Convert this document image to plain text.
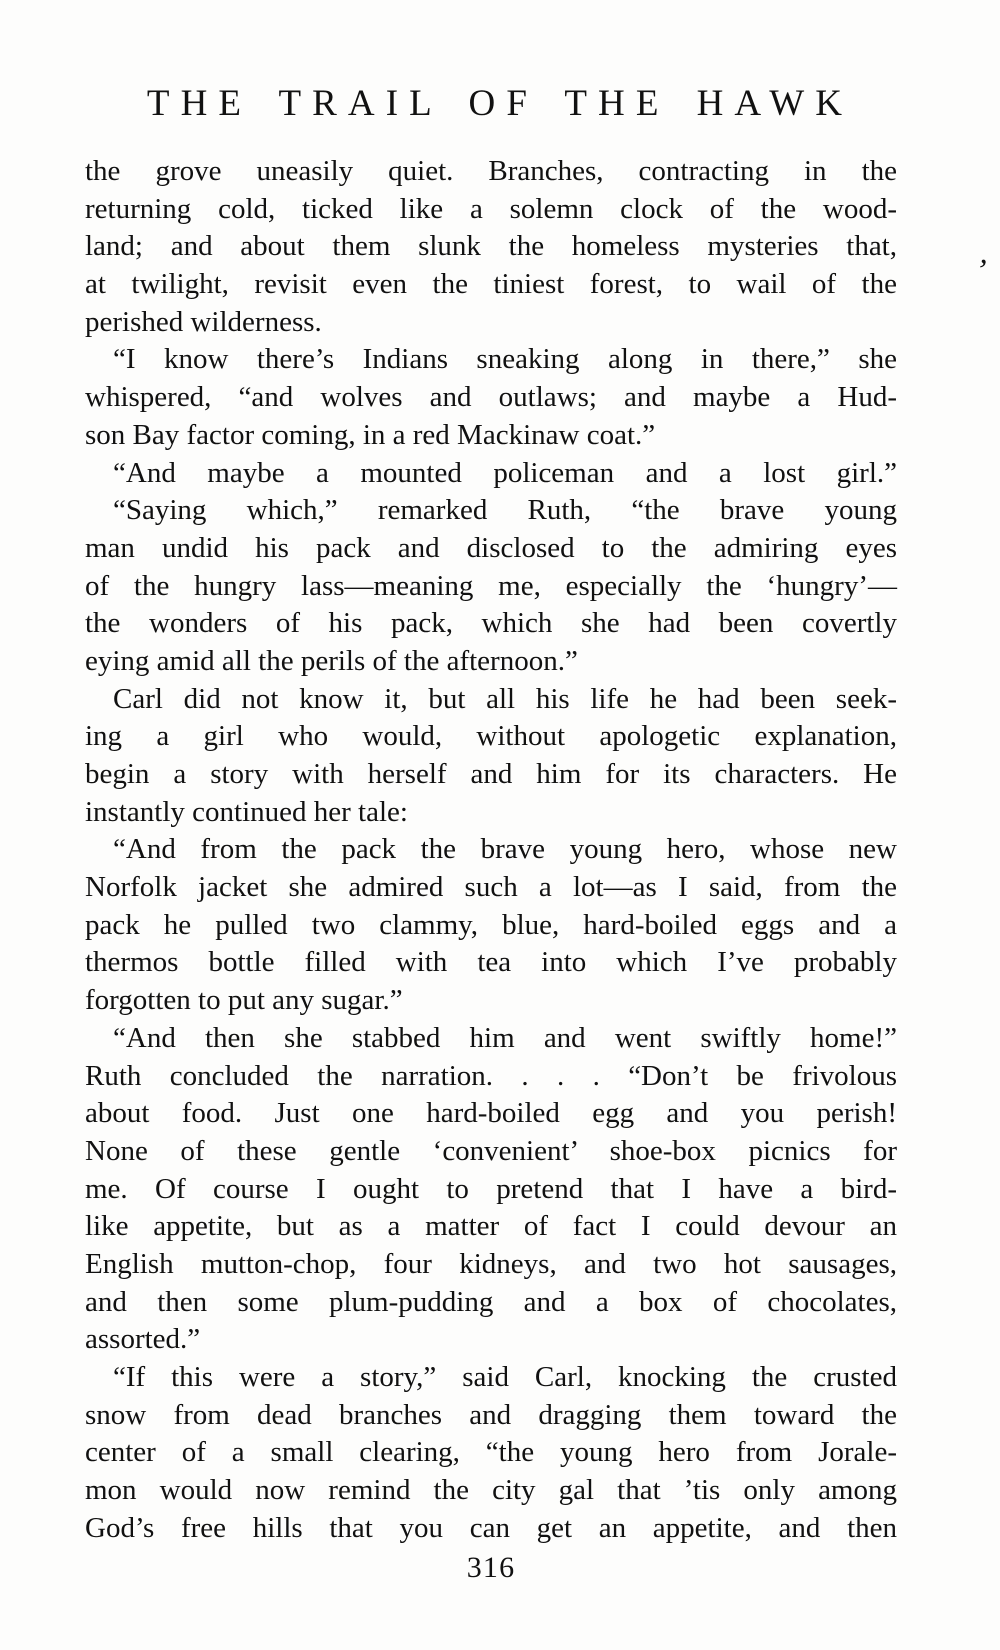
THE TRAIL OF THE HAWK
,
the grove uneasily quiet. Branches, contracting in the
returning cold, ticked like a solemn clock of the wood-
land; and about them slunk the homeless mysteries that,
at twilight, revisit even the tiniest forest, to wail of the
perished wilderness.
“I know there’s Indians sneaking along in there,” she
whispered, “and wolves and outlaws; and maybe a Hud-
son Bay factor coming, in a red Mackinaw coat.”
“And maybe a mounted policeman and a lost girl.”
“Saying which,” remarked Ruth, “the brave young
man undid his pack and disclosed to the admiring eyes
of the hungry lass—meaning me, especially the ‘hungry’—
the wonders of his pack, which she had been covertly
eying amid all the perils of the afternoon.”
Carl did not know it, but all his life he had been seek-
ing a girl who would, without apologetic explanation,
begin a story with herself and him for its characters. He
instantly continued her tale:
“And from the pack the brave young hero, whose new
Norfolk jacket she admired such a lot—as I said, from the
pack he pulled two clammy, blue, hard-boiled eggs and a
thermos bottle filled with tea into which I’ve probably
forgotten to put any sugar.”
“And then she stabbed him and went swiftly home!”
Ruth concluded the narration. . . . “Don’t be frivolous
about food. Just one hard-boiled egg and you perish!
None of these gentle ‘convenient’ shoe-box picnics for
me. Of course I ought to pretend that I have a bird-
like appetite, but as a matter of fact I could devour an
English mutton-chop, four kidneys, and two hot sausages,
and then some plum-pudding and a box of chocolates,
assorted.”
“If this were a story,” said Carl, knocking the crusted
snow from dead branches and dragging them toward the
center of a small clearing, “the young hero from Jorale-
mon would now remind the city gal that ’tis only among
God’s free hills that you can get an appetite, and then
316
